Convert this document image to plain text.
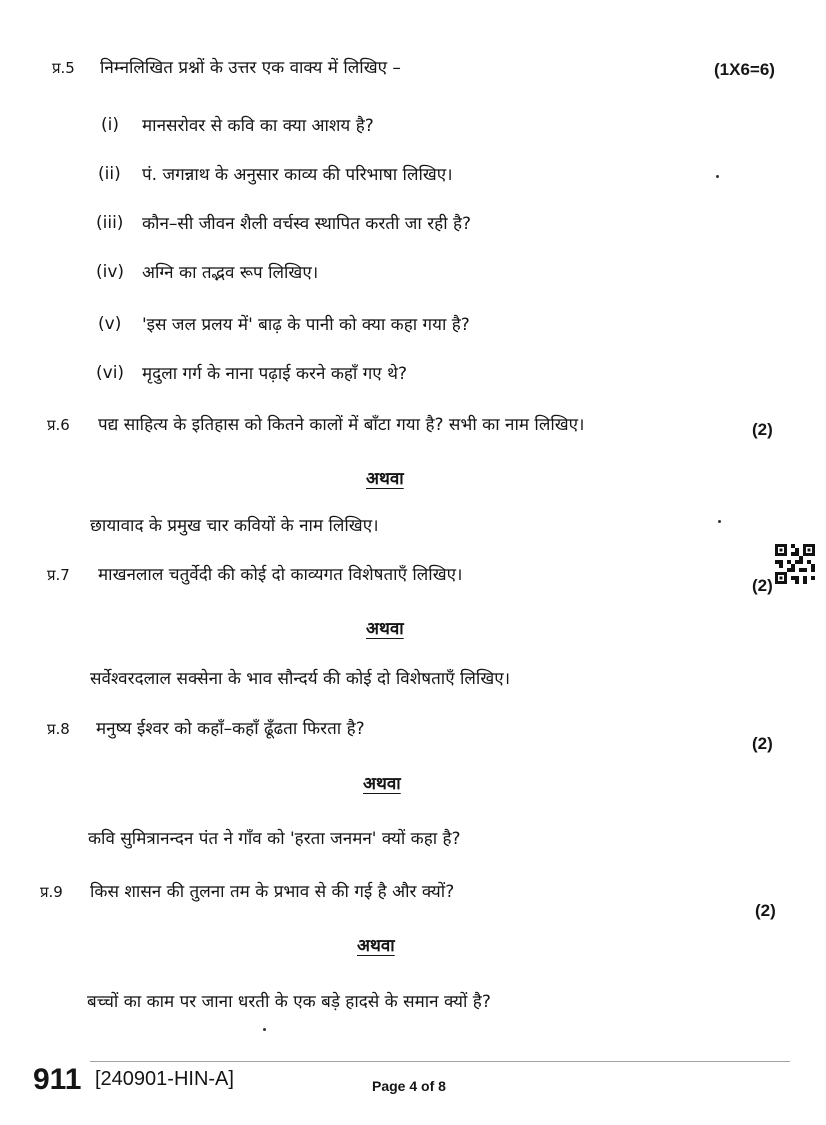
प्र.5 निम्नलिखित प्रश्नों के उत्तर एक वाक्य में लिखिए –	(1X6=6)
(i) मानसरोवर से कवि का क्या आशय है?
(ii) पं. जगन्नाथ के अनुसार काव्य की परिभाषा लिखिए।
(iii) कौन–सी जीवन शैली वर्चस्व स्थापित करती जा रही है?
(iv) अग्नि का तद्भव रूप लिखिए।
(v) 'इस जल प्रलय में' बाढ़ के पानी को क्या कहा गया है?
(vi) मृदुला गर्ग के नाना पढ़ाई करने कहाँ गए थे?
प्र.6 पद्य साहित्य के इतिहास को कितने कालों में बाँटा गया है? सभी का नाम लिखिए।	(2)
अथवा
छायावाद के प्रमुख चार कवियों के नाम लिखिए।
प्र.7 माखनलाल चतुर्वेदी की कोई दो काव्यगत विशेषताएँ लिखिए।
(2)
अथवा
सर्वेश्वरदलाल सक्सेना के भाव सौन्दर्य की कोई दो विशेषताएँ लिखिए।
प्र.8 मनुष्य ईश्वर को कहाँ–कहाँ ढूँढता फिरता है?
(2)
अथवा
कवि सुमित्रानन्दन पंत ने गाँव को 'हरता जनमन' क्यों कहा है?
प्र.9 किस शासन की तुलना तम के प्रभाव से की गई है और क्यों?
(2)
अथवा
बच्चों का काम पर जाना धरती के एक बड़े हादसे के समान क्यों है?
911 [240901-HIN-A]	Page 4 of 8
